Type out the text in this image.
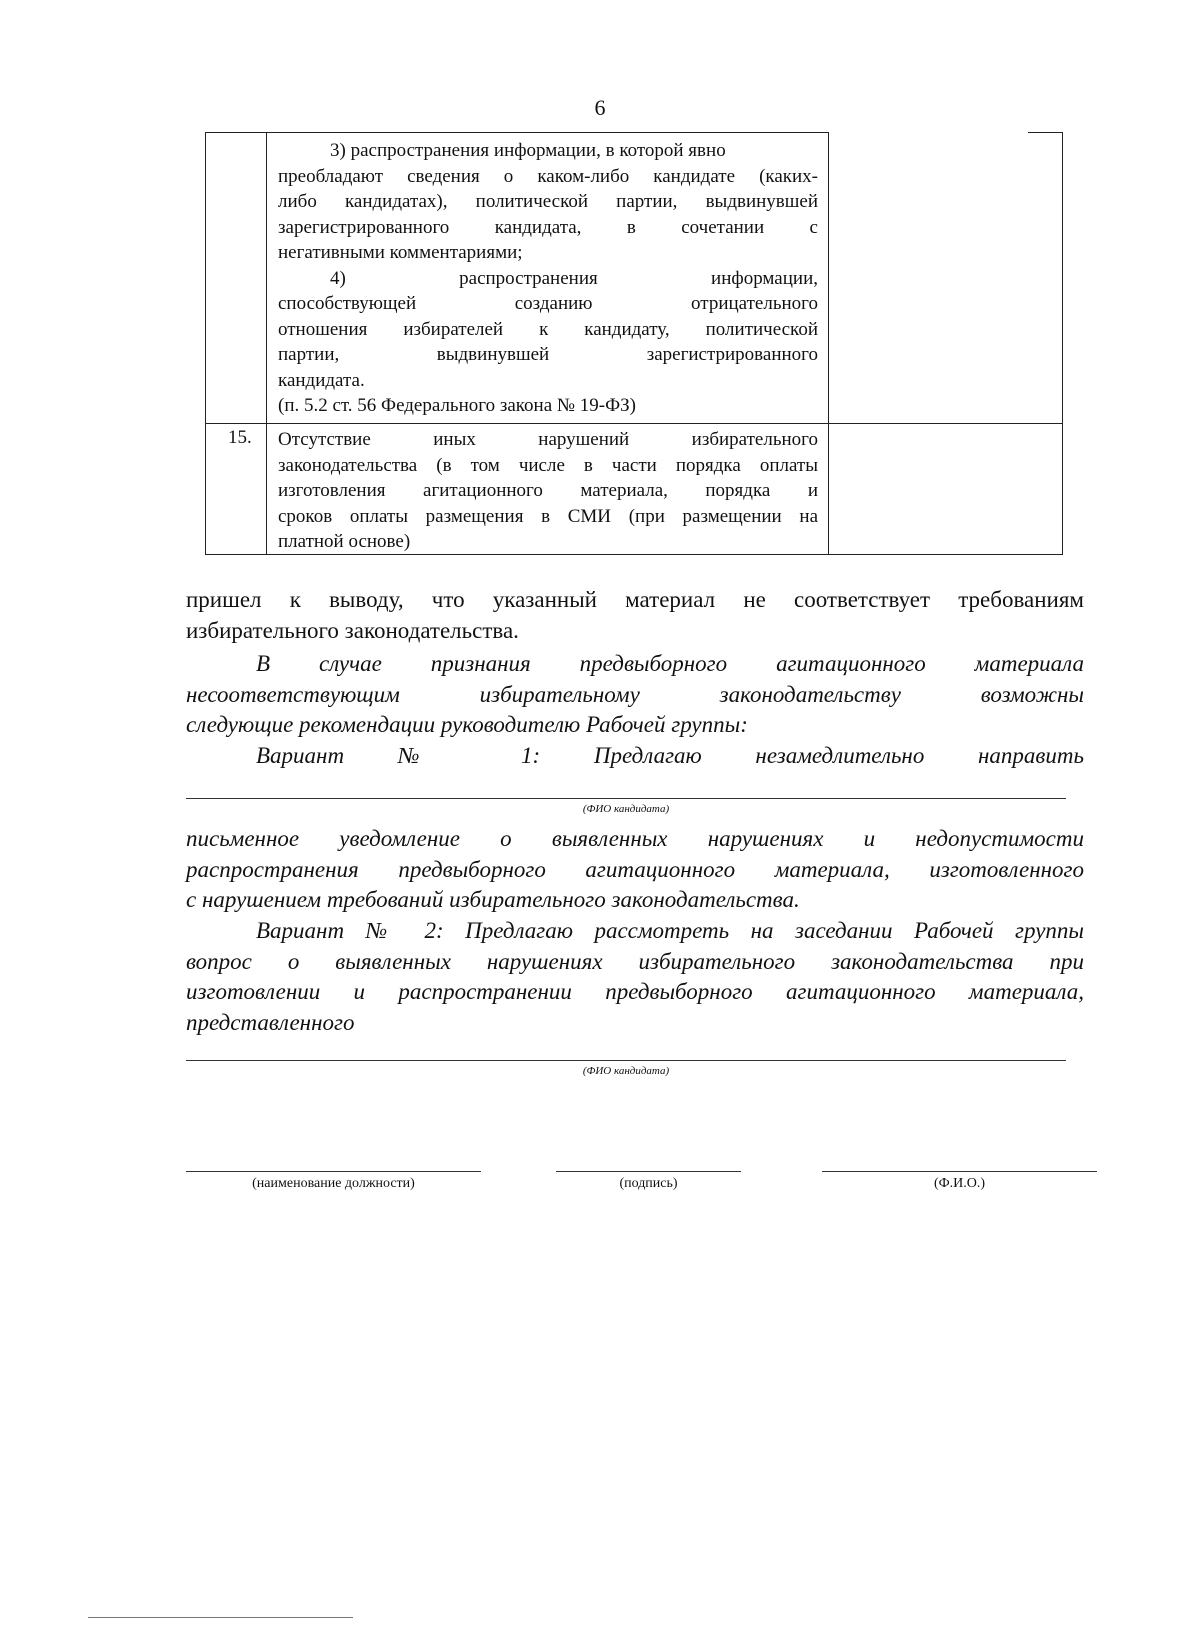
6
3) распространения информации, в которой явно
преобладают сведения о каком-либо кандидате (каких-
либо кандидатах), политической партии, выдвинувшей
зарегистрированного кандидата, в сочетании с
негативными комментариями;
4) распространения информации,
способствующей созданию отрицательного
отношения избирателей к кандидату, политической
партии, выдвинувшей зарегистрированного
кандидата.
(п. 5.2 ст. 56 Федерального закона № 19-ФЗ)
15. Отсутствие иных нарушений избирательного
законодательства (в том числе в части порядка оплаты
изготовления агитационного материала, порядка и
сроков оплаты размещения в СМИ (при размещении на
платной основе)
пришел к выводу, что указанный материал не соответствует требованиям
избирательного законодательства.
В случае признания предвыборного агитационного материала
несоответствующим избирательному законодательству возможны
следующие рекомендации руководителю Рабочей группы:
Вариант № 1: Предлагаю незамедлительно направить
(ФИО кандидата)
письменное уведомление о выявленных нарушениях и недопустимости
распространения предвыборного агитационного материала, изготовленного
с нарушением требований избирательного законодательства.
Вариант № 2: Предлагаю рассмотреть на заседании Рабочей группы
вопрос о выявленных нарушениях избирательного законодательства при
изготовлении и распространении предвыборного агитационного материала,
представленного
(ФИО кандидата)
(наименование должности)	(подпись)	(Ф.И.О.)
